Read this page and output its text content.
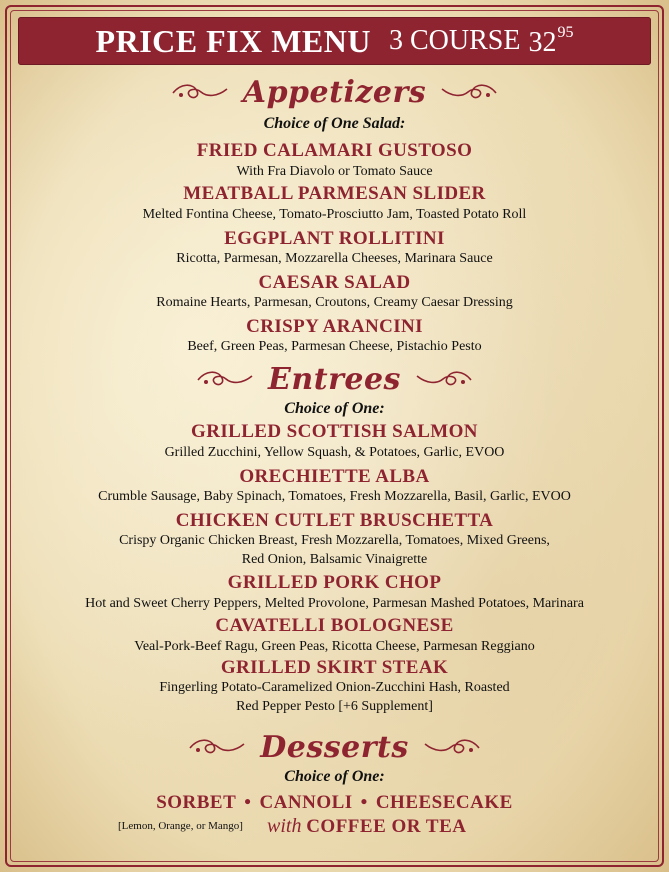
PRICE FIX MENU 3 COURSE $32^{95}$
Appetizers
Choice of One Salad:
FRIED CALAMARI GUSTOSO
With Fra Diavolo or Tomato Sauce
MEATBALL PARMESAN SLIDER
Melted Fontina Cheese, Tomato-Prosciutto Jam, Toasted Potato Roll
EGGPLANT ROLLITINI
Ricotta, Parmesan, Mozzarella Cheeses, Marinara Sauce
CAESAR SALAD
Romaine Hearts, Parmesan, Croutons, Creamy Caesar Dressing
CRISPY ARANCINI
Beef, Green Peas, Parmesan Cheese, Pistachio Pesto
Entrees
Choice of One:
GRILLED SCOTTISH SALMON
Grilled Zucchini, Yellow Squash, & Potatoes, Garlic, EVOO
ORECHIETTE ALBA
Crumble Sausage, Baby Spinach, Tomatoes, Fresh Mozzarella, Basil, Garlic, EVOO
CHICKEN CUTLET BRUSCHETTA
Crispy Organic Chicken Breast, Fresh Mozzarella, Tomatoes, Mixed Greens,
Red Onion, Balsamic Vinaigrette
GRILLED PORK CHOP
Hot and Sweet Cherry Peppers, Melted Provolone, Parmesan Mashed Potatoes, Marinara
CAVATELLI BOLOGNESE
Veal-Pork-Beef Ragu, Green Peas, Ricotta Cheese, Parmesan Reggiano
GRILLED SKIRT STEAK
Fingerling Potato-Caramelized Onion-Zucchini Hash, Roasted
Red Pepper Pesto [+6 Supplement]
Desserts
Choice of One:
SORBET • CANNOLI • CHEESECAKE
[Lemon, Orange, or Mango] with COFFEE OR TEA
